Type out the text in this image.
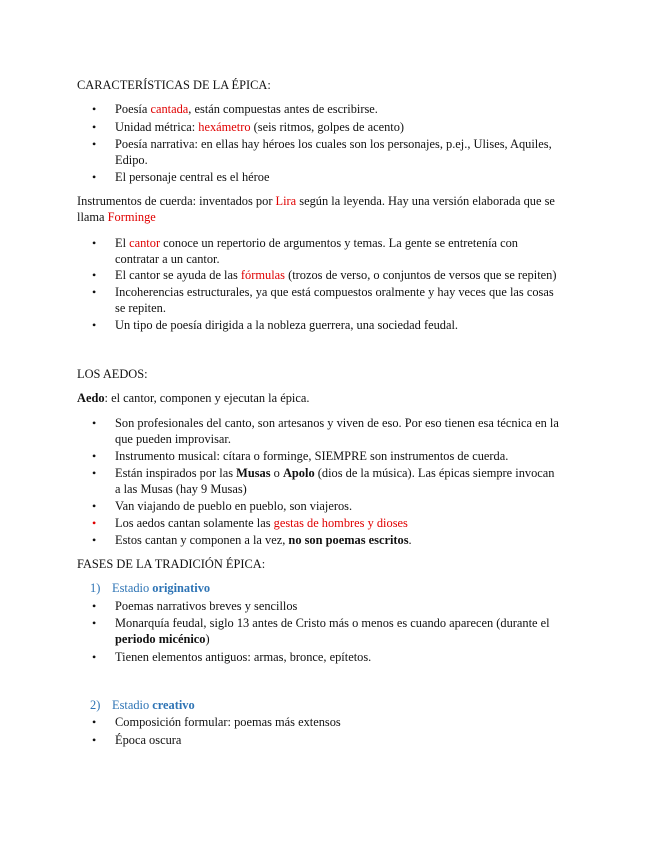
CARACTERÍSTICAS DE LA ÉPICA:
• Poesía cantada, están compuestas antes de escribirse.
• Unidad métrica: hexámetro (seis ritmos, golpes de acento)
• Poesía narrativa: en ellas hay héroes los cuales son los personajes, p.ej., Ulises, Aquiles,
Edipo.
• El personaje central es el héroe
Instrumentos de cuerda: inventados por Lira según la leyenda. Hay una versión elaborada que se
llama Forminge
• El cantor conoce un repertorio de argumentos y temas. La gente se entretenía con
contratar a un cantor.
• El cantor se ayuda de las fórmulas (trozos de verso, o conjuntos de versos que se repiten)
• Incoherencias estructurales, ya que está compuestos oralmente y hay veces que las cosas
se repiten.
• Un tipo de poesía dirigida a la nobleza guerrera, una sociedad feudal.
LOS AEDOS:
Aedo: el cantor, componen y ejecutan la épica.
• Son profesionales del canto, son artesanos y viven de eso. Por eso tienen esa técnica en la
que pueden improvisar.
• Instrumento musical: cítara o forminge, SIEMPRE son instrumentos de cuerda.
• Están inspirados por las Musas o Apolo (dios de la música). Las épicas siempre invocan
a las Musas (hay 9 Musas)
• Van viajando de pueblo en pueblo, son viajeros.
• Los aedos cantan solamente las gestas de hombres y dioses
• Estos cantan y componen a la vez, no son poemas escritos.
FASES DE LA TRADICIÓN ÉPICA:
1) Estadio originativo
• Poemas narrativos breves y sencillos
• Monarquía feudal, siglo 13 antes de Cristo más o menos es cuando aparecen (durante el
periodo micénico)
• Tienen elementos antiguos: armas, bronce, epítetos.
2) Estadio creativo
• Composición formular: poemas más extensos
• Época oscura
